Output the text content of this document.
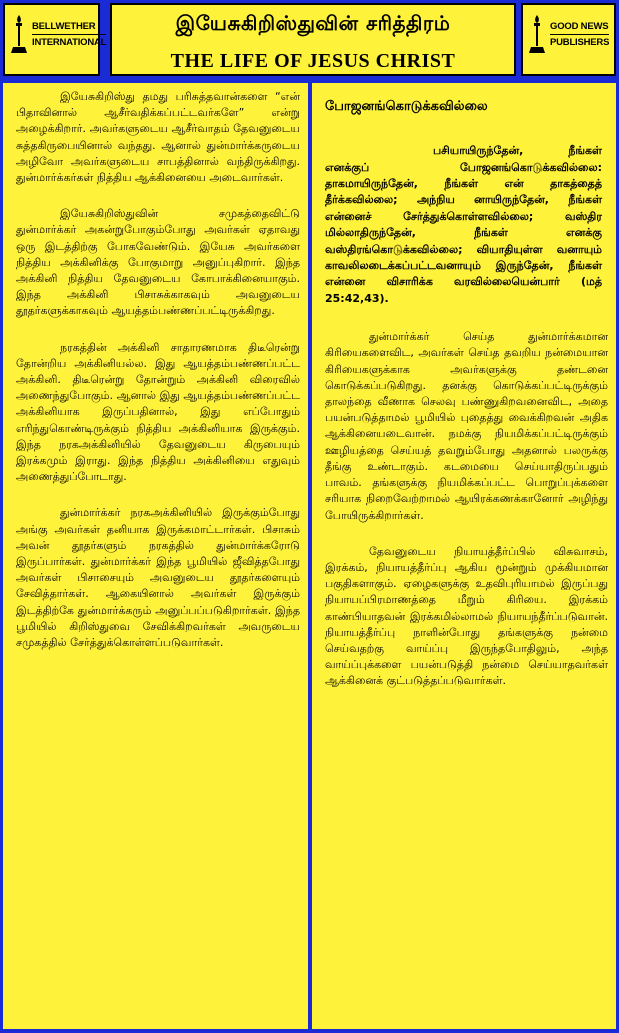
BELLWETHER
INTERNATIONAL
இயேசுகிறிஸ்துவின் சரித்திரம்
THE LIFE OF JESUS CHRIST
GOOD NEWS
PUBLISHERS

இயேசுகிறிஸ்து தமது பரிசுத்தவான்களை “என் பிதாவினால் ஆசீர்வதிக்கப்பட்டவர்களே” என்று அழைக்கிறார். அவர்களுடைய ஆசீர்வாதம் தேவனுடைய சுத்தகிருபையினால் வந்தது. ஆனால் துன்மார்க்கருடைய அழிவோ அவர்களுடைய சாபத்தினால் வந்திருக்கிறது. துன்மார்க்கர்கள் நித்திய ஆக்கினையை அடைவார்கள்.

இயேசுகிறிஸ்துவின் சமுகத்தைவிட்டு துன்மார்க்கர் அகன்றுபோகும்போது அவர்கள் ஏதாவது ஒரு இடத்திற்கு போகவேண்டும். இயேசு அவர்களை நித்திய அக்கினிக்கு போகுமாறு அனுப்புகிறார். இந்த அக்கினி நித்திய தேவனுடைய கோபாக்கினையாகும். இந்த அக்கினி பிசாசுக்காகவும் அவனுடைய தூதர்களுக்காகவும் ஆயத்தம்பண்ணப்பட்டிருக்கிறது.

நரகத்தின் அக்கினி சாதாரணமாக திடீரென்று தோன்றிய அக்கினியல்ல. இது ஆயத்தம்பண்ணப்பட்ட அக்கினி. திடீரென்று தோன்றும் அக்கினி விரைவில் அணைந்துபோகும். ஆனால் இது ஆயத்தம்பண்ணப்பட்ட அக்கினியாக இருப்பதினால், இது எப்போதும் எரிந்துகொண்டிருக்கும் நித்திய அக்கினியாக இருக்கும். இந்த நரகஅக்கினியில் தேவனுடைய கிருபையும் இரக்கமும் இராது. இந்த நித்திய அக்கினியை எதுவும் அணைத்துப்போடாது.

துன்மார்க்கர் நரகஅக்கினியில் இருக்கும்போது அங்கு அவர்கள் தனியாக இருக்கமாட்டார்கள். பிசாசும் அவன் தூதர்களும் நரகத்தில் துன்மார்க்கரோடு இருப்பார்கள். துன்மார்க்கர் இந்த பூமியில் ஜீவித்தபோது அவர்கள் பிசாசையும் அவனுடைய தூதர்களையும் சேவித்தார்கள். ஆகையினால் அவர்கள் இருக்கும் இடத்திற்கே துன்மார்க்கரும் அனுப்பப்படுகிறார்கள். இந்த பூமியில் கிறிஸ்துவை சேவிக்கிறவர்கள் அவருடைய சமுகத்தில் சேர்த்துக்கொள்ளப்படுவார்கள்.

போஜனங்கொடுக்கவில்லை

பசியாயிருந்தேன், நீங்கள் எனக்குப் போஜனங்கொடுக்கவில்லை: தாகமாயிருந்தேன், நீங்கள் என் தாகத்தைத் தீர்க்கவில்லை; அந்நிய னாயிருந்தேன், நீங்கள் என்னைச் சேர்த்துக்கொள்ளவில்லை; வஸ்திர மில்லாதிருந்தேன், நீங்கள் எனக்கு வஸ்திரங்கொடுக்கவில்லை; வியாதியுள்ள வனாயும் காவலிலடைக்கப்பட்டவனாயும் இருந்தேன், நீங்கள் என்னை விசாரிக்க வரவில்லையென்பார் (மத் 25:42,43).

துன்மார்க்கர் செய்த துன்மார்க்கமான கிரியைகளைவிட, அவர்கள் செய்த தவறிய நன்மையான கிரியைகளுக்காக அவர்களுக்கு தண்டனை கொடுக்கப்படுகிறது. தனக்கு கொடுக்கப்பட்டிருக்கும் தாலந்தை வீணாக செலவு பண்ணுகிறவனைவிட, அதை பயன்படுத்தாமல் பூமியில் புதைத்து வைக்கிறவன் அதிக ஆக்கினையடைவான். நமக்கு நியமிக்கப்பட்டிருக்கும் ஊழியத்தை செய்யத் தவறும்போது அதனால் பலருக்கு தீங்கு உண்டாகும். கடமையை செய்யாதிருப்பதும் பாவம். தங்களுக்கு நியமிக்கப்பட்ட பொறுப்புக்களை சரியாக நிறைவேற்றாமல் ஆயிரக்கணக்கானோர் அழிந்து போயிருக்கிறார்கள்.

தேவனுடைய நியாயத்தீர்ப்பில் விசுவாசம், இரக்கம், நியாயத்தீர்ப்பு ஆகிய மூன்றும் முக்கியமான பகுதிகளாகும். ஏழைகளுக்கு உதவிபுரியாமல் இருப்பது நியாயப்பிரமாணத்தை மீறும் கிரியை. இரக்கம் காண்பியாதவன் இரக்கமில்லாமல் நியாயந்தீர்ப்படுவான். நியாயத்தீர்ப்பு நாளின்போது தங்களுக்கு நன்மை செய்வதற்கு வாய்ப்பு இருந்தபோதிலும், அந்த வாய்ப்புக்களை பயன்படுத்தி நன்மை செய்யாதவர்கள் ஆக்கினைக் குட்படுத்தப்படுவார்கள்.
